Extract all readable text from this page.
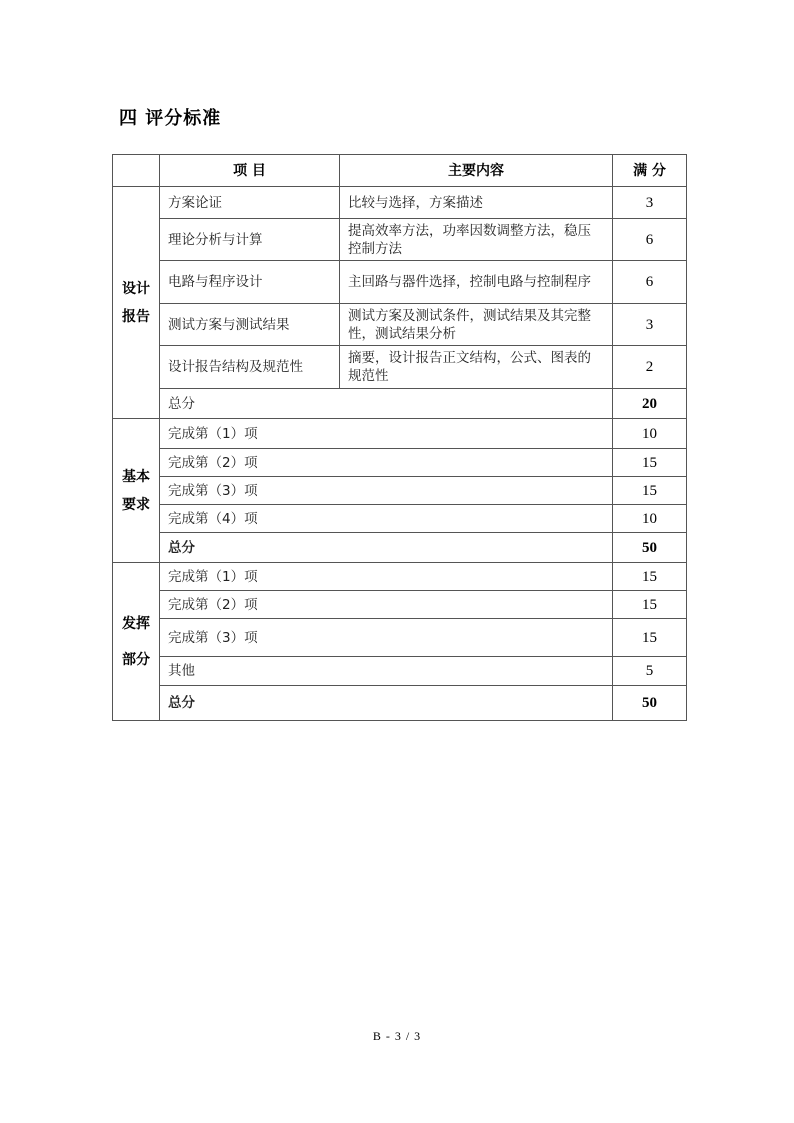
四 评分标准
	项 目	主要内容	满 分
设计报告	方案论证	比较与选择，方案描述	3
	理论分析与计算	提高效率方法，功率因数调整方法，稳压控制方法	6
	电路与程序设计	主回路与器件选择，控制电路与控制程序	6
	测试方案与测试结果	测试方案及测试条件，测试结果及其完整性，测试结果分析	3
	设计报告结构及规范性	摘要，设计报告正文结构，公式、图表的规范性	2
	总分		20
基本要求	完成第（1）项		10
	完成第（2）项		15
	完成第（3）项		15
	完成第（4）项		10
	总分		50
发挥部分	完成第（1）项		15
	完成第（2）项		15
	完成第（3）项		15
	其他		5
	总分		50
B - 3 / 3
